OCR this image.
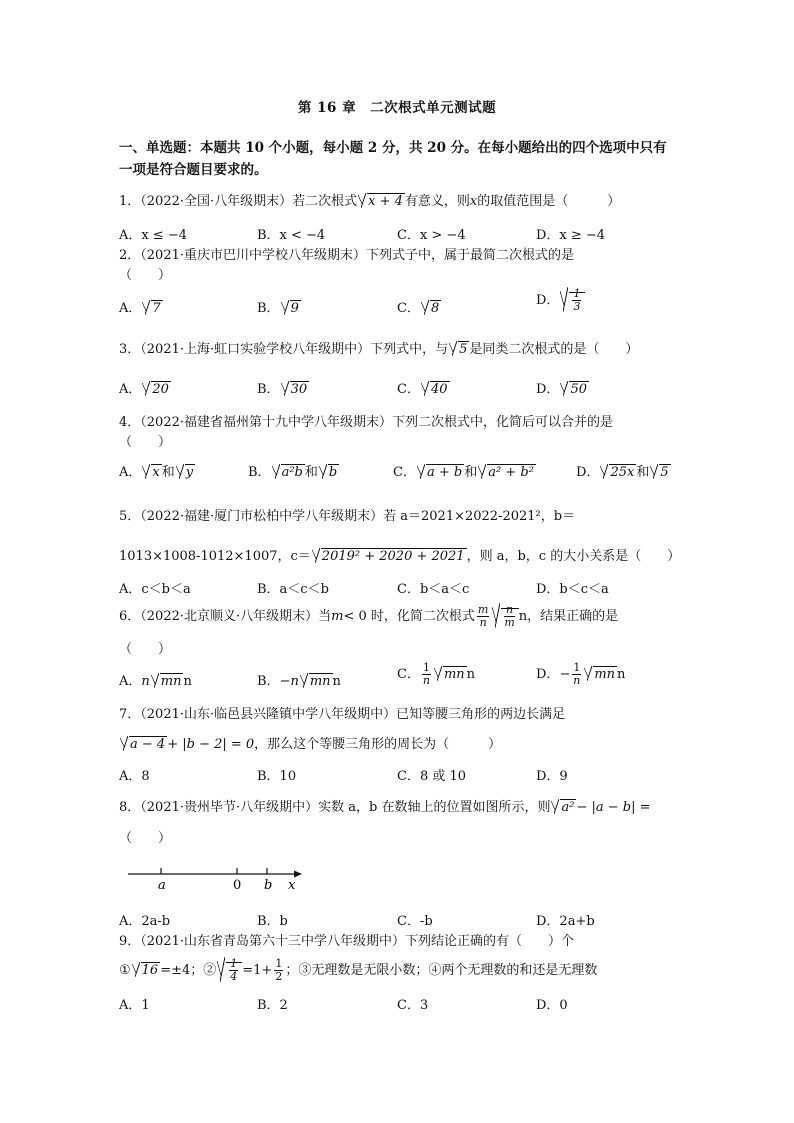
第 16 章　二次根式单元测试题
一、单选题：本题共 10 个小题，每小题 2 分，共 20 分。在每小题给出的四个选项中只有
一项是符合题目要求的。
1．（2022·全国·八年级期末）若二次根式 x + 4 有意义，则x的取值范围是（　　　）
A．x ≤ −4	B．x < −4	C．x > −4	D．x ≥ −4
2．（2021·重庆市巴川中学校八年级期末）下列式子中，属于最简二次根式的是
（　　）
A． 7	B． 9	C． 8
D． $\frac{1}{3}$
3．（2021·上海·虹口实验学校八年级期中）下列式中，与 5 是同类二次根式的是（　　）
A． 20	B． 30	C． 40	D． 50
4．（2022·福建省福州第十九中学八年级期末）下列二次根式中，化简后可以合并的是
（　　）
A． x 和 y	B． a²b 和 b	C． a + b 和 a² + b²	D． 25x 和 5
5．（2022·福建·厦门市松柏中学八年级期末）若 a＝2021×2022-2021²，b＝
1013×1008-1012×1007，c＝ 2019² + 2020 + 2021 ，则 a，b，c 的大小关系是（　　）
A．c＜b＜a	B．a＜c＜b	C．b＜a＜c	D．b＜c＜a
6．（2022·北京顺义·八年级期末）当m< 0 时，化简二次根式 $\frac{m}{n} \frac{n}{m}$ n，结果正确的是
（　　）
A．n mn n	B．−n mn n	C． $\frac{1}{n}$ mn n	D．− $\frac{1}{n}$ mn n
7．（2021·山东·临邑县兴隆镇中学八年级期中）已知等腰三角形的两边长满足
a − 4 + |b − 2| = 0，那么这个等腰三角形的周长为（　　　）
A．8	B．10	C．8 或 10	D．9
8．（2021·贵州毕节·八年级期中）实数 a，b 在数轴上的位置如图所示，则 a² − |a − b| =
（　　）
a	0 b x
A．2a-b	B．b	C．-b	D．2a+b
9．（2021·山东省青岛第六十三中学八年级期中）下列结论正确的有（　　）个
① 16 =±4；② $\frac{1}{4} =1+ \frac{1}{2}$ ；③无理数是无限小数；④两个无理数的和还是无理数
A．1	B．2	C．3	D．0
